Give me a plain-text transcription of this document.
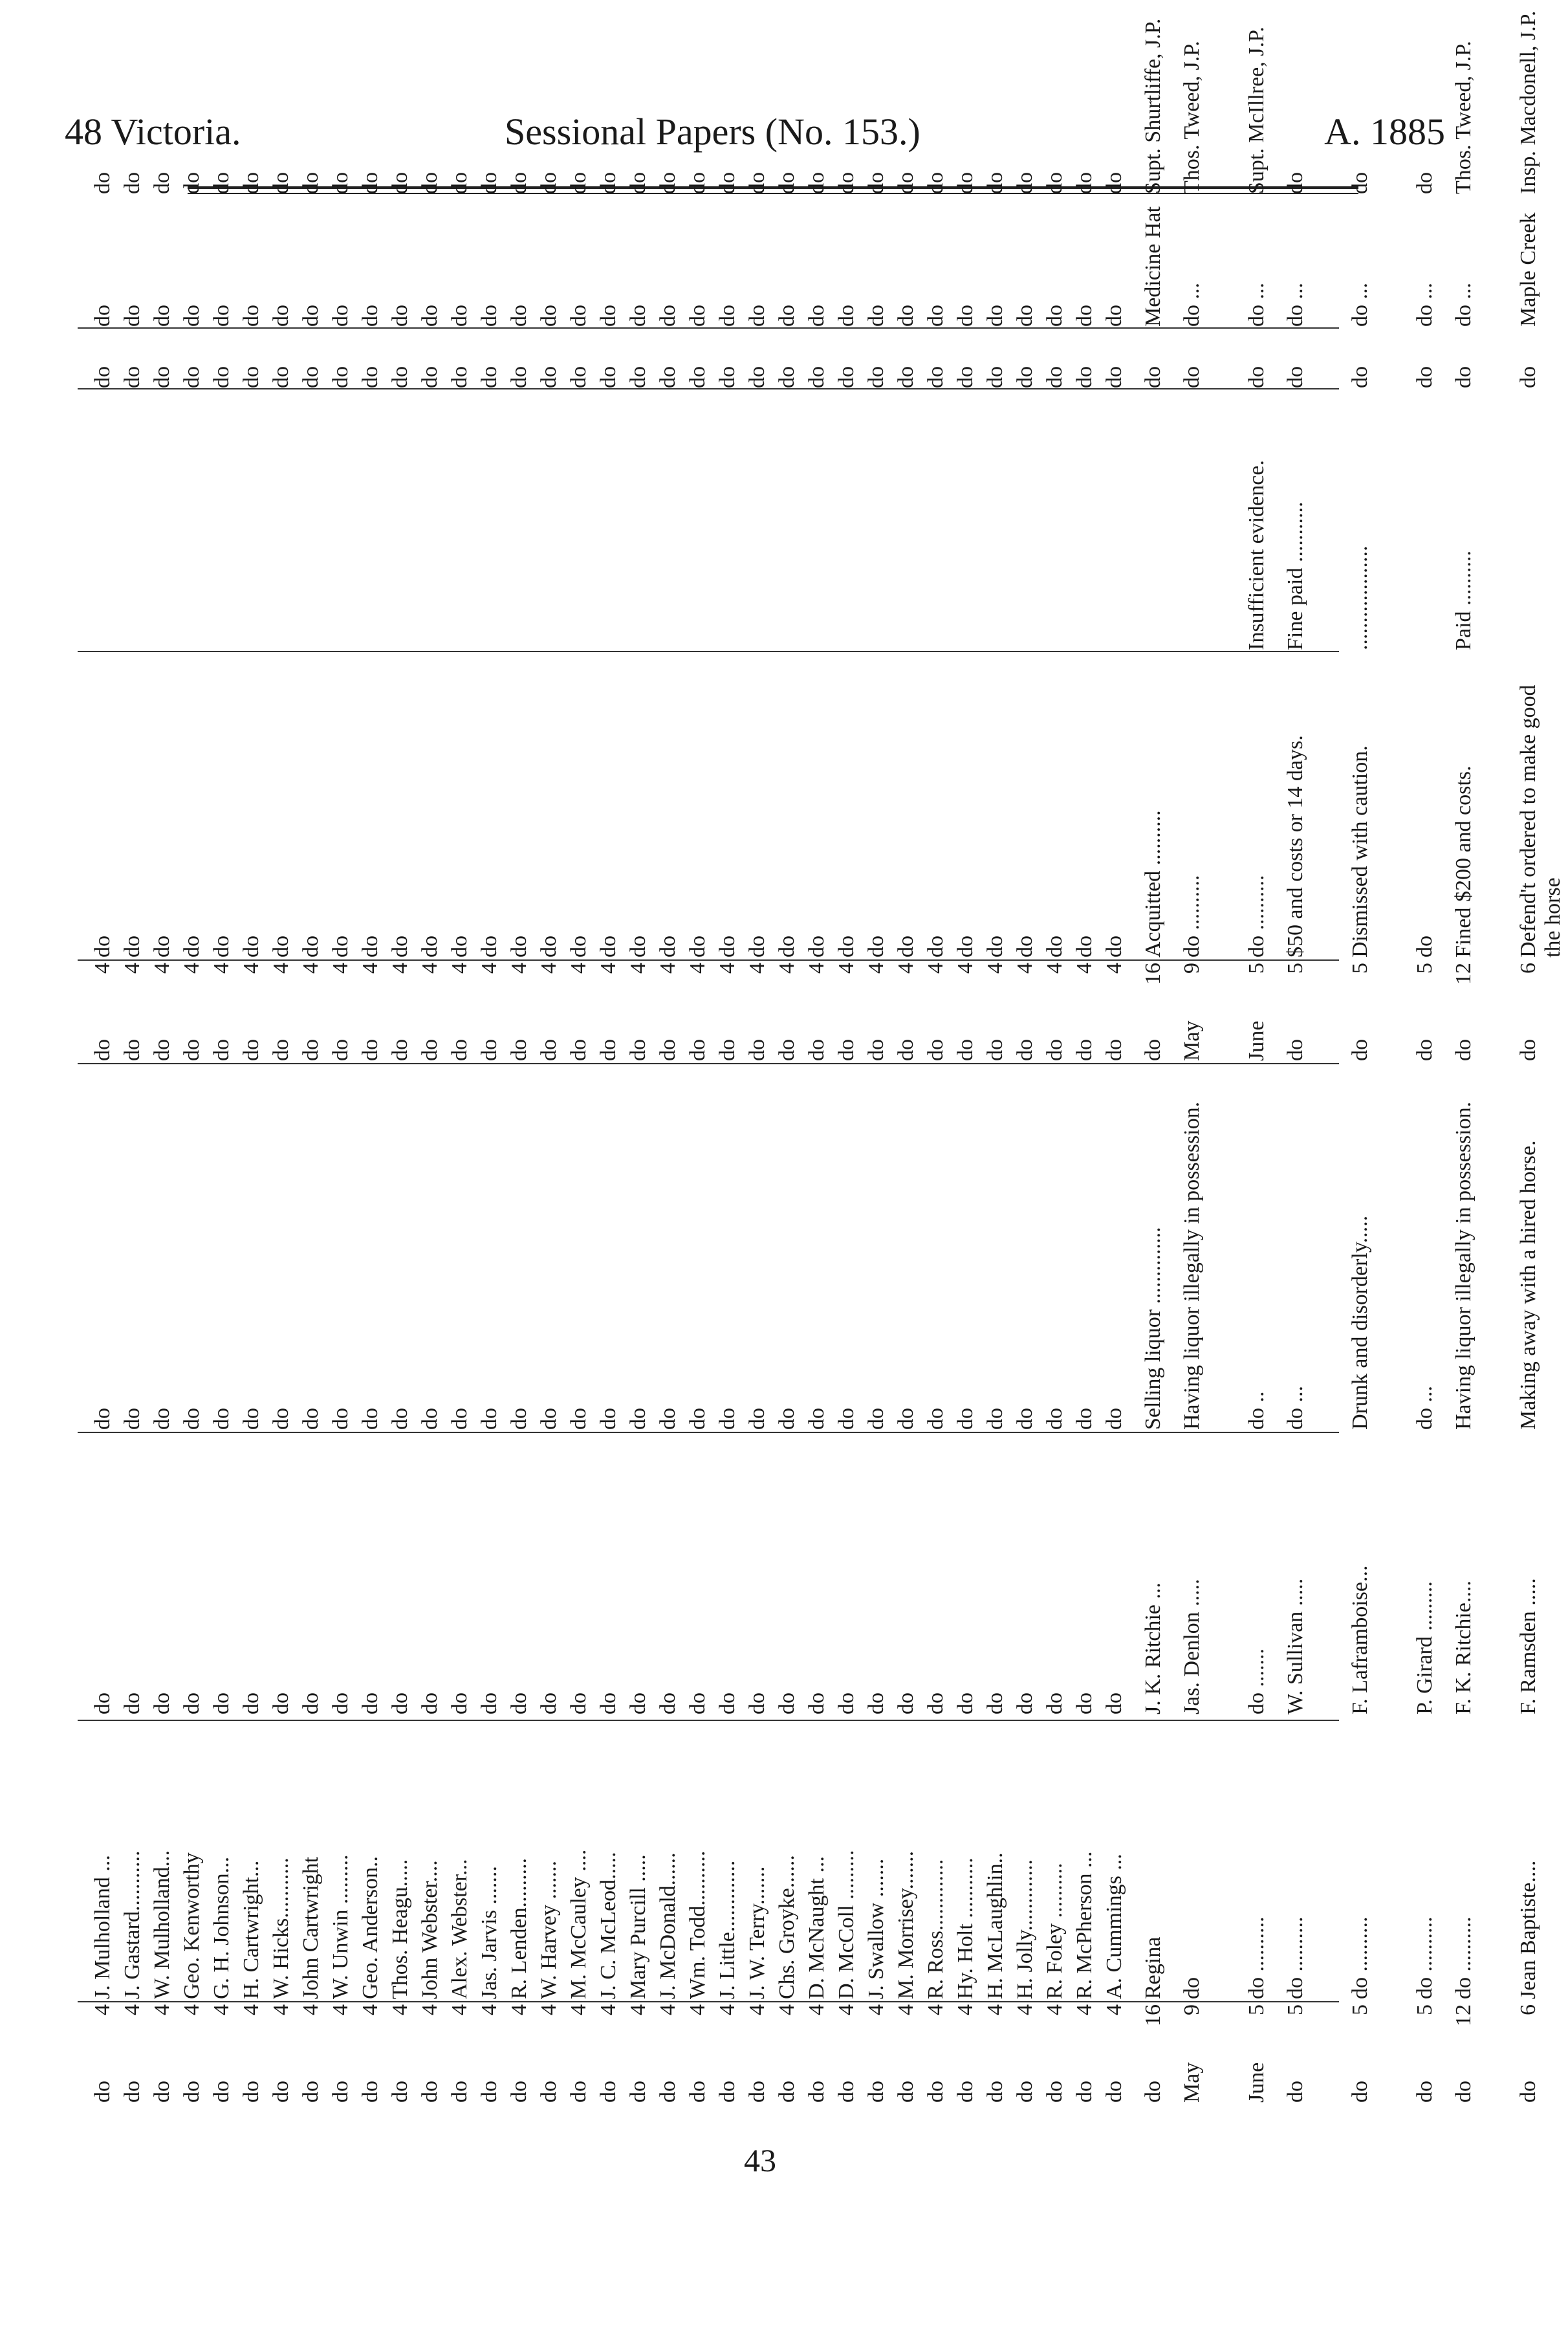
48 Victoria.	Sessional Papers (No. 153.)	A. 1885
do
4
J. Mulholland ...
do
do
do
4
do
do
do
do
do
4
J. Gastard...........
do
do
do
4
do
do
do
do
do
4
W. Mulholland...
do
do
do
4
do
do
do
do
do
4
Geo. Kenworthy
do
do
do
4
do
do
do
do
do
4
G. H. Johnson...
do
do
do
4
do
do
do
do
do
4
H. Cartwright...
do
do
do
4
do
do
do
do
do
4
W. Hicks...........
do
do
do
4
do
do
do
do
do
4
John Cartwright
do
do
do
4
do
do
do
do
do
4
W. Unwin .........
do
do
do
4
do
do
do
do
do
4
Geo. Anderson..
do
do
do
4
do
do
do
do
do
4
Thos. Heagu.....
do
do
do
4
do
do
do
do
do
4
John Webster....
do
do
do
4
do
do
do
do
do
4
Alex. Webster...
do
do
do
4
do
do
do
do
do
4
Jas. Jarvis .......
do
do
do
4
do
do
do
do
do
4
R. Lenden.........
do
do
do
4
do
do
do
do
do
4
W. Harvey .......
do
do
do
4
do
do
do
do
do
4
M. McCauley ....
do
do
do
4
do
do
do
do
do
4
J. C. McLeod.....
do
do
do
4
do
do
do
do
do
4
Mary Purcill .....
do
do
do
4
do
do
do
do
do
4
J. McDonald......
do
do
do
4
do
do
do
do
do
4
Wm. Todd..........
do
do
do
4
do
do
do
do
do
4
J. Little.............
do
do
do
4
do
do
do
do
do
4
J. W. Terry.......
do
do
do
4
do
do
do
do
do
4
Chs. Groyke......
do
do
do
4
do
do
do
do
do
4
D. McNaught ...
do
do
do
4
do
do
do
do
do
4
D. McColl .........
do
do
do
4
do
do
do
do
do
4
J. Swallow .......
do
do
do
4
do
do
do
do
do
4
M. Morrisey.......
do
do
do
4
do
do
do
do
do
4
R. Ross.............
do
do
do
4
do
do
do
do
do
4
Hy. Holt ...........
do
do
do
4
do
do
do
do
do
4
H. McLaughlin..
do
do
do
4
do
do
do
do
do
4
H. Jolly.............
do
do
do
4
do
do
do
do
do
4
R. Foley ..........
do
do
do
4
do
do
do
do
do
4
R. McPherson ...
do
do
do
4
do
do
do
do
do
4
A. Cummings ...
do
do
do
4
do
do
do
do
do
16
Regina
J. K. Ritchie ...
Selling liquor ..............
do
16
Acquitted ..........
do
Medicine Hat
Supt. Shurtliffe, J.P.
May
9
do
Jas. Denlon .....
Having liquor illegally in possession.
May
9
do ..........
do
do ...
Thos. Tweed, J.P.
June
5
do ..........
do .......
do ..
June
5
do ..........
Insufficient evidence.
do
do ...
Supt. McIllree, J.P.
do
5
do ..........
W. Sullivan .....
do ...
do
5
$50 and costs or 14 days.
Fine paid ...........
do
do ...
do
do
5
do ..........
F. Laframboise...
Drunk and disorderly.....
do
5
Dismissed with caution.
...................
do
do ...
do
do
5
do ..........
P. Girard .........
do ...
do
5
do
do
do ...
do
do
12
do ..........
F. K. Ritchie....
Having liquor illegally in possession.
do
12
Fined $200 and costs.
Paid ..........
do
do ...
Thos. Tweed, J.P.
do
6
Jean Baptiste....
F. Ramsden .....
Making away with a hired horse.
do
6
Defend't ordered to make good the horse
do
Maple Creek
Insp. Macdonell, J.P.
43
